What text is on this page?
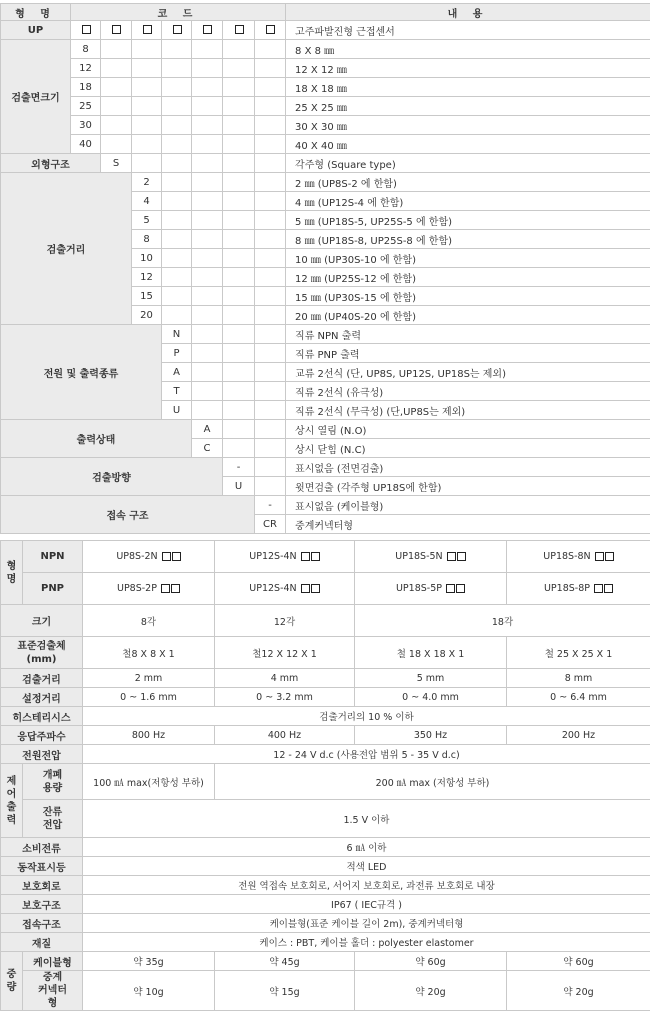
형 명	코 드							내 용
UP								고주파발진형 근접센서
검출면크기	8							8 X 8 ㎜
	12							12 X 12 ㎜
	18							18 X 18 ㎜
	25							25 X 25 ㎜
	30							30 X 30 ㎜
	40							40 X 40 ㎜
외형구조		S						각주형 (Square type)
검출거리			2					2 ㎜ (UP8S-2 에 한함)
			4					4 ㎜ (UP12S-4 에 한함)
			5					5 ㎜ (UP18S-5, UP25S-5 에 한함)
			8					8 ㎜ (UP18S-8, UP25S-8 에 한함)
			10					10 ㎜ (UP30S-10 에 한함)
			12					12 ㎜ (UP25S-12 에 한함)
			15					15 ㎜ (UP30S-15 에 한함)
			20					20 ㎜ (UP40S-20 에 한함)
전원 및 출력종류				N				직류 NPN 출력
				P				직류 PNP 출력
				A				교류 2선식 (단, UP8S, UP12S, UP18S는 제외)
				T				직류 2선식 (유극성)
				U				직류 2선식 (무극성) (단,UP8S는 제외)
출력상태					A			상시 열림 (N.O)
					C			상시 닫힘 (N.C)
검출방향						-		표시없음 (전면검출)
						U		윗면검출 (각주형 UP18S에 한함)
접속 구조							-	표시없음 (케이블형)
							CR	중계커넥터형
형 명	NPN	UP8S-2N	UP12S-4N	UP18S-5N	UP18S-8N
	PNP	UP8S-2P	UP12S-4N	UP18S-5P	UP18S-8P
크기		8각	12각	18각	
표준검출체 (mm)		철8 X 8 X 1	철12 X 12 X 1	철 18 X 18 X 1	철 25 X 25 X 1
검출거리		2 mm	4 mm	5 mm	8 mm
설정거리		0 ~ 1.6 mm	0 ~ 3.2 mm	0 ~ 4.0 mm	0 ~ 6.4 mm
히스테리시스		검출거리의 10 % 이하			
응답주파수		800 Hz	400 Hz	350 Hz	200 Hz
전원전압		12 - 24 V d.c (사용전압 범위 5 - 35 V d.c)			
제어 출력	개폐 용량	100 ㎃ max(저항성 부하)	200 ㎃ max (저항성 부하)		
	잔류 전압	1.5 V 이하			
소비전류		6 ㎃ 이하			
동작표시등		적색 LED			
보호회로		전원 역접속 보호회로, 서어지 보호회로, 과전류 보호회로 내장			
보호구조		IP67 ( IEC규격 )			
접속구조		케이블형(표준 케이블 길이 2m), 중계커넥터형			
재질		케이스 : PBT, 케이블 홀더 : polyester elastomer			
중량	케이블형	약 35g	약 45g	약 60g	약 60g
	중계 커넥터형	약 10g	약 15g	약 20g	약 20g
